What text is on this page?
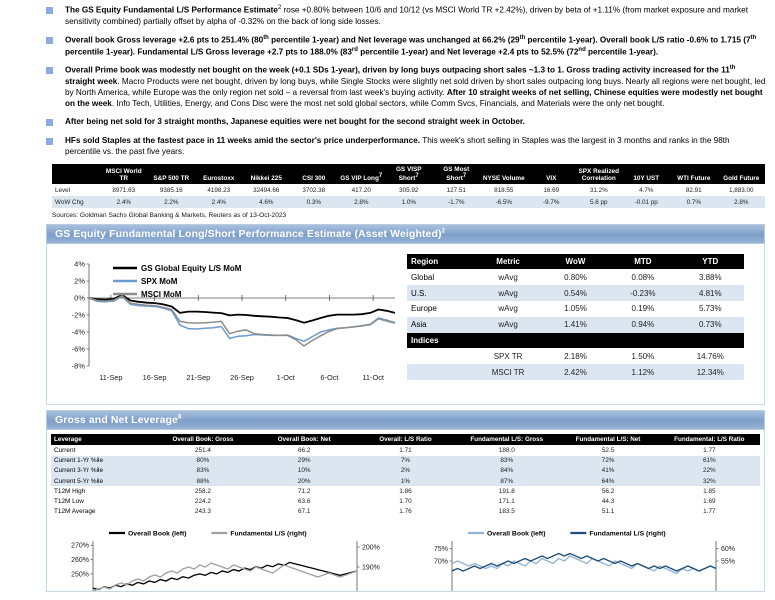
The GS Equity Fundamental L/S Performance Estimate$^2$ rose +0.80% between 10/6 and 10/12 (vs MSCI World TR +2.42%), driven by beta of +1.11% (from market exposure and market sensitivity combined) partially offset by alpha of -0.32% on the back of long side losses.
Overall book Gross leverage +2.6 pts to 251.4% (80th percentile 1-year) and Net leverage was unchanged at 66.2% (29th percentile 1-year). Overall book L/S ratio -0.6% to 1.715 (7th percentile 1-year). Fundamental L/S Gross leverage +2.7 pts to 188.0% (83rd percentile 1-year) and Net leverage +2.4 pts to 52.5% (72nd percentile 1-year).
Overall Prime book was modestly net bought on the week (+0.1 SDs 1-year), driven by long buys outpacing short sales ~1.3 to 1. Gross trading activity increased for the 11th straight week. Macro Products were net bought, driven by long buys, while Single Stocks were slightly net sold driven by short sales outpacing long buys. Nearly all regions were net bought, led by North America, while Europe was the only region net sold – a reversal from last week's buying activity. After 10 straight weeks of net selling, Chinese equities were modestly net bought on the week. Info Tech, Utilities, Energy, and Cons Disc were the most net sold global sectors, while Comm Svcs, Financials, and Materials were the only net bought.
After being net sold for 3 straight months, Japanese equities were net bought for the second straight week in October.
HFs sold Staples at the fastest pace in 11 weeks amid the sector's price underperformance. This week's short selling in Staples was the largest in 3 months and ranks in the 98th percentile vs. the past five years.
	MSCI World TR	S&P 500 TR	Eurostoxx	Nikkei 225	CSI 300	GS VIP Long$^7$	GS VISP Short$^7$	GS Most Short$^7$	NYSE Volume	VIX	SPX Realized Correlation	10Y UST	WTI Future	Gold Future
Level	8971.63	9385.16	4198.23	32494.66	3702.38	417.20	305.92	127.51	818.55	16.69	31.2%	4.7%	82.91	1,883.00
WoW Chg	2.4%	2.2%	2.4%	4.6%	0.3%	2.8%	1.0%	-1.7%	-6.5%	-9.7%	5.6 pp	-0.01 pp	0.7%	2.8%
Sources: Goldman Sachs Global Banking & Markets, Reuters as of 13-Oct-2023
GS Equity Fundamental Long/Short Performance Estimate (Asset Weighted)$^2$
4%
2%
0%
-2%
-4%
-6%
-8%
11-Sep	16-Sep	21-Sep	26-Sep	1-Oct	6-Oct	11-Oct
GS Global Equity L/S MoM
SPX MoM
MSCI MoM
Region	Metric	WoW	MTD	YTD
Global	wAvg	0.80%	0.08%	3.88%
U.S.	wAvg	0.54%	-0.23%	4.81%
Europe	wAvg	1.05%	0.19%	5.73%
Asia	wAvg	1.41%	0.94%	0.73%
Indices				
	SPX TR	2.18%	1.50%	14.76%
	MSCI TR	2.42%	1.12%	12.34%
Gross and Net Leverage$^8$
Leverage	Overall Book: Gross	Overall Book: Net	Overall: L/S Ratio	Fundamental L/S: Gross	Fundamental L/S: Net	Fundamental: L/S Ratio
Current	251.4	66.2	1.71	188.0	52.5	1.77
Current 1-Yr %ile	80%	29%	7%	83%	72%	61%
Current 3-Yr %ile	83%	10%	2%	84%	41%	22%
Current 5-Yr %ile	88%	20%	1%	87%	64%	32%
T12M High	258.2	71.2	1.86	191.8	56.2	1.85
T12M Low	224.2	63.6	1.70	171.1	44.3	1.69
T12M Average	243.3	67.1	1.76	183.5	51.1	1.77
270%
260%
250%
200%
190%
Overall Book (left)	Fundamental L/S (right)
75%
70%
60%
55%
Overall Book (left)	Fundamental L/S (right)
